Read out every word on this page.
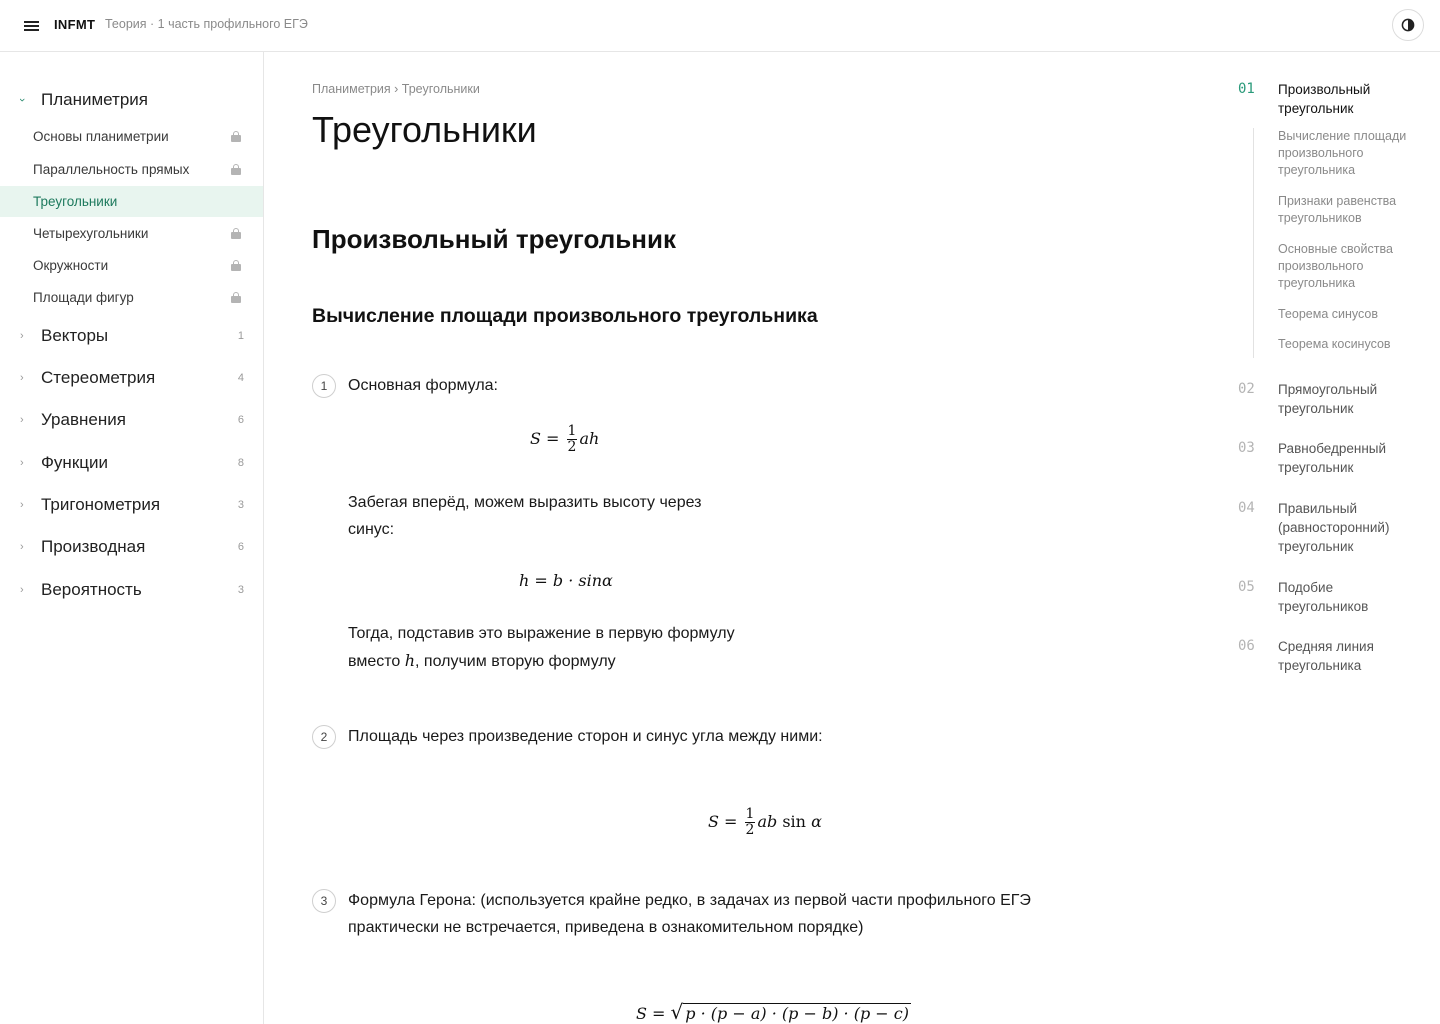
INFMT Теория · 1 часть профильного ЕГЭ
› Планиметрия
Основы планиметрии
Параллельность прямых
Треугольники
Четырехугольники
Окружности
Площади фигур
› Векторы	1
› Стереометрия	4
› Уравнения	6
› Функции	8
› Тригонометрия	3
› Производная	6
› Вероятность	3
Планиметрия › Треугольники
Треугольники
Произвольный треугольник
Вычисление площади произвольного треугольника
1	Основная формула:
$S = \frac{1}{2}$ ah
Забегая вперёд, можем выразить высоту через
синус:
h = b · sinα
Тогда, подставив это выражение в первую формулу
вместо h, получим вторую формулу
2	Площадь через произведение сторон и синус угла между ними:
$S = \frac{1}{2}$ ab sin α
3	Формула Герона: (используется крайне редко, в задачах из первой части профильного ЕГЭ
практически не встречается, приведена в ознакомительном порядке)
S = √ p · (p − a) · (p − b) · (p − c)
01 Произвольный треугольник
Вычисление площади произвольного треугольника
Признаки равенства треугольников
Основные свойства произвольного треугольника
Теорема синусов
Теорема косинусов
02 Прямоугольный треугольник
03 Равнобедренный треугольник
04 Правильный (равносторонний) треугольник
05 Подобие треугольников
06 Средняя линия треугольника
